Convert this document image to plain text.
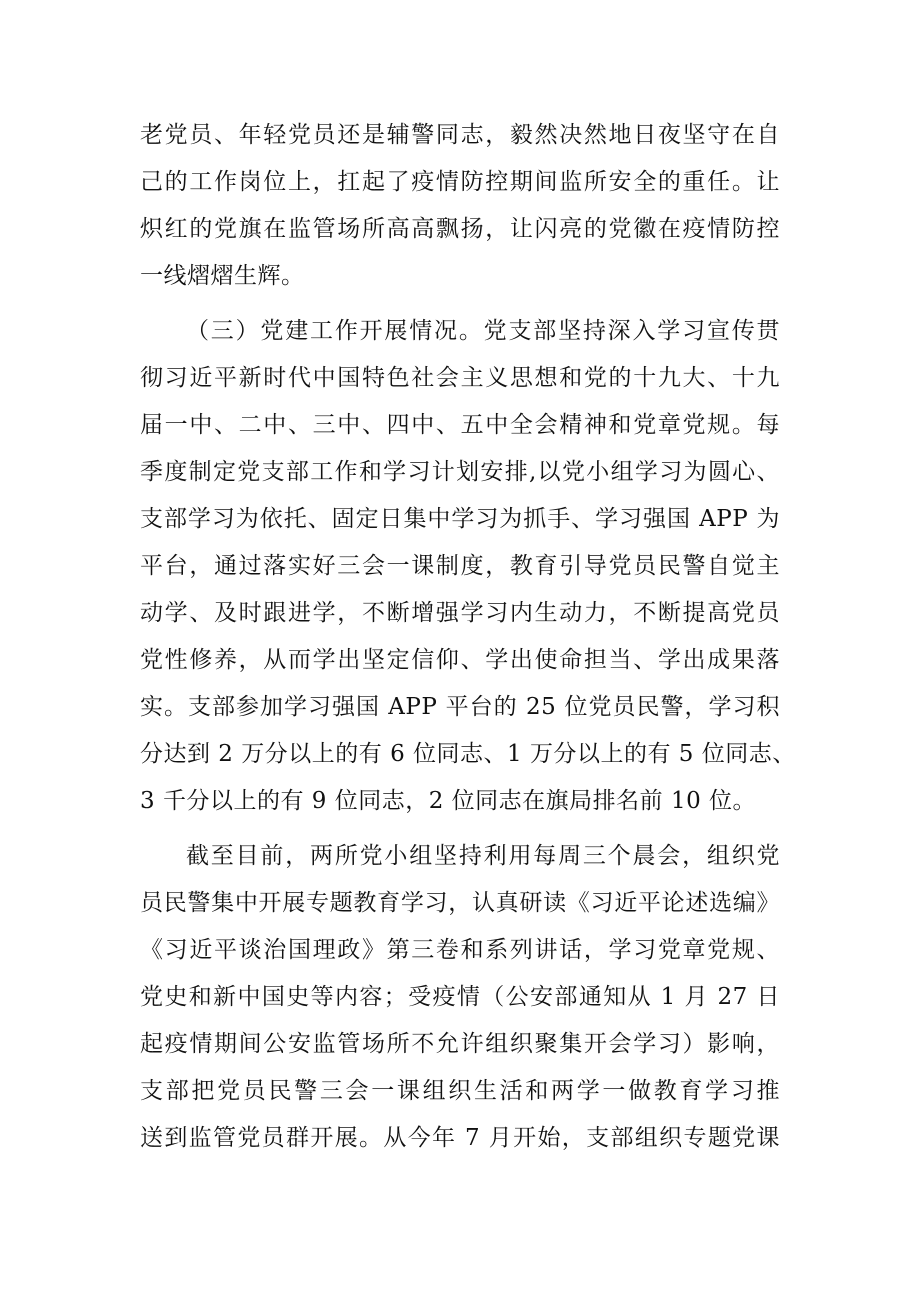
老党员、年轻党员还是辅警同志，毅然决然地日夜坚守在自
己的工作岗位上，扛起了疫情防控期间监所安全的重任。让
炽红的党旗在监管场所高高飘扬，让闪亮的党徽在疫情防控
一线熠熠生辉。
（三）党建工作开展情况。党支部坚持深入学习宣传贯
彻习近平新时代中国特色社会主义思想和党的十九大、十九
届一中、二中、三中、四中、五中全会精神和党章党规。每
季度制定党支部工作和学习计划安排,以党小组学习为圆心、
支部学习为依托、固定日集中学习为抓手、学习强国 APP 为
平台，通过落实好三会一课制度，教育引导党员民警自觉主
动学、及时跟进学，不断增强学习内生动力，不断提高党员
党性修养，从而学出坚定信仰、学出使命担当、学出成果落
实。支部参加学习强国 APP 平台的 25 位党员民警，学习积
分达到 2 万分以上的有 6 位同志、1 万分以上的有 5 位同志、
3 千分以上的有 9 位同志，2 位同志在旗局排名前 10 位。
截至目前，两所党小组坚持利用每周三个晨会，组织党
员民警集中开展专题教育学习，认真研读《习近平论述选编》
《习近平谈治国理政》第三卷和系列讲话，学习党章党规、
党史和新中国史等内容；受疫情（公安部通知从 1 月 27 日
起疫情期间公安监管场所不允许组织聚集开会学习）影响，
支部把党员民警三会一课组织生活和两学一做教育学习推
送到监管党员群开展。从今年 7 月开始，支部组织专题党课
